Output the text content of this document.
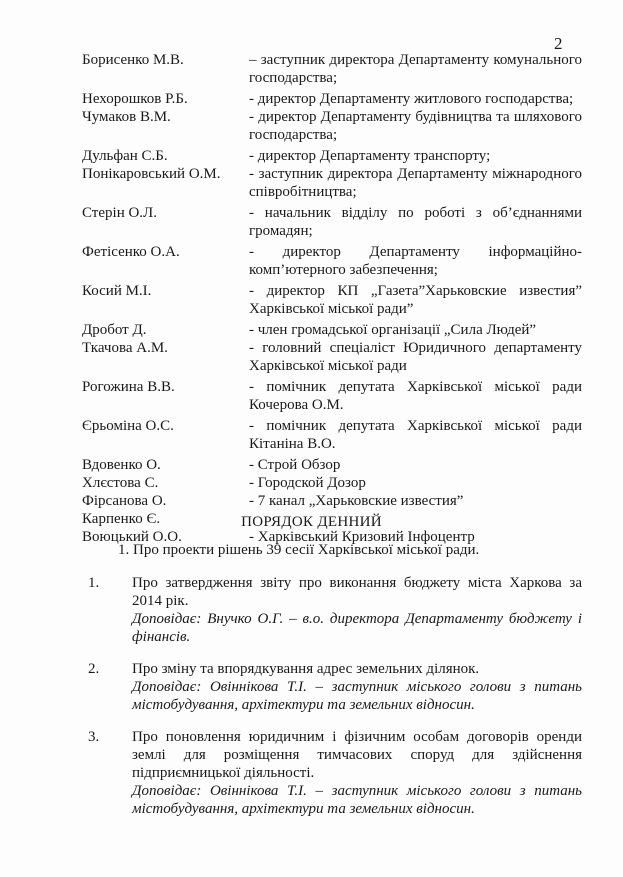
2
Борисенко М.В.	– заступник директора Департаменту комунального господарства;
Нехорошков Р.Б.	- директор Департаменту житлового господарства;
Чумаков В.М.	- директор Департаменту будівництва та шляхового господарства;
Дульфан С.Б.	- директор Департаменту транспорту;
Понікаровський О.М.	- заступник директора Департаменту міжнародного співробітництва;
Стерін О.Л.	- начальник відділу по роботі з об’єднаннями громадян;
Фетісенко О.А.	- директор Департаменту інформаційно-комп’ютерного забезпечення;
Косий М.І.	- директор КП „Газета”Харьковские известия” Харківської міської ради”
Дробот Д.	- член громадської організації „Сила Людей”
Ткачова А.М.	- головний спеціаліст Юридичного департаменту Харківської міської ради
Рогожина В.В.	- помічник депутата Харківської міської ради Кочерова О.М.
Єрьоміна О.С.	- помічник депутата Харківської міської ради Кітаніна В.О.
Вдовенко О.	- Строй Обзор
Хлєстова С.	- Городской Дозор
Фірсанова О.	- 7 канал „Харьковские известия”
Карпенко Є.
Воюцький О.О.	- Харківський Кризовий Інфоцентр
ПОРЯДОК ДЕННИЙ
1. Про проекти рішень 39 сесії Харківської міської ради.
1.	Про затвердження звіту про виконання бюджету міста Харкова за 2014 рік.
Доповідає: Внучко О.Г. – в.о. директора Департаменту бюджету і фінансів.
2.	Про зміну та впорядкування адрес земельних ділянок.
Доповідає: Овіннікова Т.І. – заступник міського голови з питань містобудування, архітектури та земельних відносин.
3.	Про поновлення юридичним і фізичним особам договорів оренди землі для розміщення тимчасових споруд для здійснення підприємницької діяльності.
Доповідає: Овіннікова Т.І. – заступник міського голови з питань містобудування, архітектури та земельних відносин.
